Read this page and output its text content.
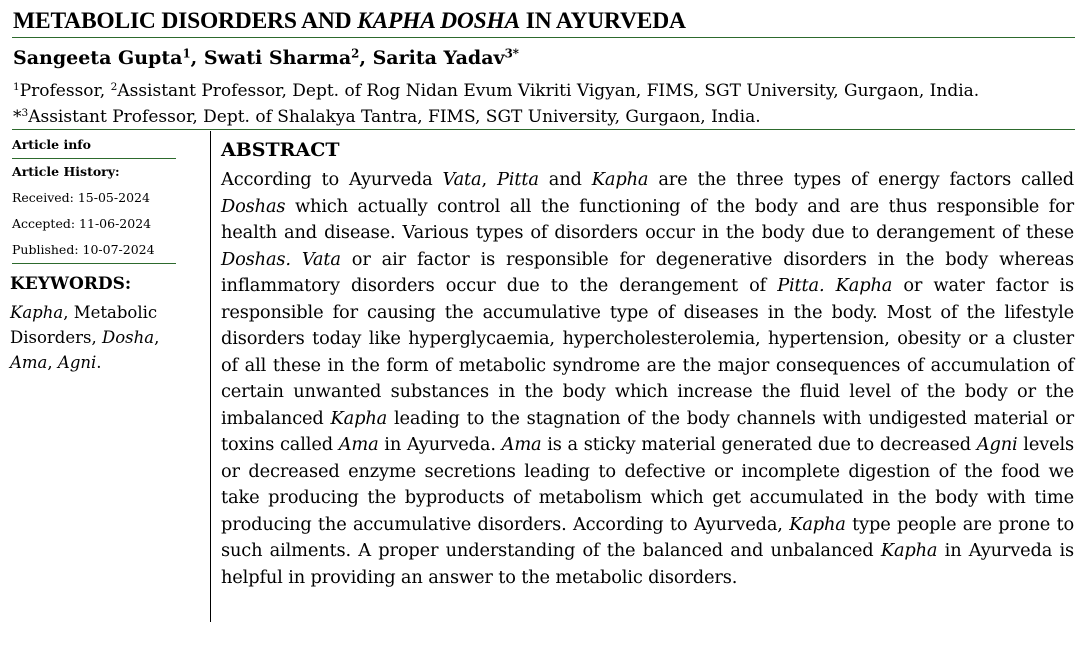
METABOLIC DISORDERS AND KAPHA DOSHA IN AYURVEDA
Sangeeta Gupta$^1$, Swati Sharma$^2$, Sarita Yadav$^{3*}$
$^1$Professor, $^2$Assistant Professor, Dept. of Rog Nidan Evum Vikriti Vigyan, FIMS, SGT University, Gurgaon, India.
*$^3$Assistant Professor, Dept. of Shalakya Tantra, FIMS, SGT University, Gurgaon, India.
Article info
Article History:
Received: 15-05-2024
Accepted: 11-06-2024
Published: 10-07-2024
KEYWORDS:
Kapha, Metabolic Disorders, Dosha, Ama, Agni.
ABSTRACT
According to Ayurveda Vata, Pitta and Kapha are the three types of energy factors called Doshas which actually control all the functioning of the body and are thus responsible for health and disease. Various types of disorders occur in the body due to derangement of these Doshas. Vata or air factor is responsible for degenerative disorders in the body whereas inflammatory disorders occur due to the derangement of Pitta. Kapha or water factor is responsible for causing the accumulative type of diseases in the body. Most of the lifestyle disorders today like hyperglycaemia, hypercholesterolemia, hypertension, obesity or a cluster of all these in the form of metabolic syndrome are the major consequences of accumulation of certain unwanted substances in the body which increase the fluid level of the body or the imbalanced Kapha leading to the stagnation of the body channels with undigested material or toxins called Ama in Ayurveda. Ama is a sticky material generated due to decreased Agni levels or decreased enzyme secretions leading to defective or incomplete digestion of the food we take producing the byproducts of metabolism which get accumulated in the body with time producing the accumulative disorders. According to Ayurveda, Kapha type people are prone to such ailments. A proper understanding of the balanced and unbalanced Kapha in Ayurveda is helpful in providing an answer to the metabolic disorders.
